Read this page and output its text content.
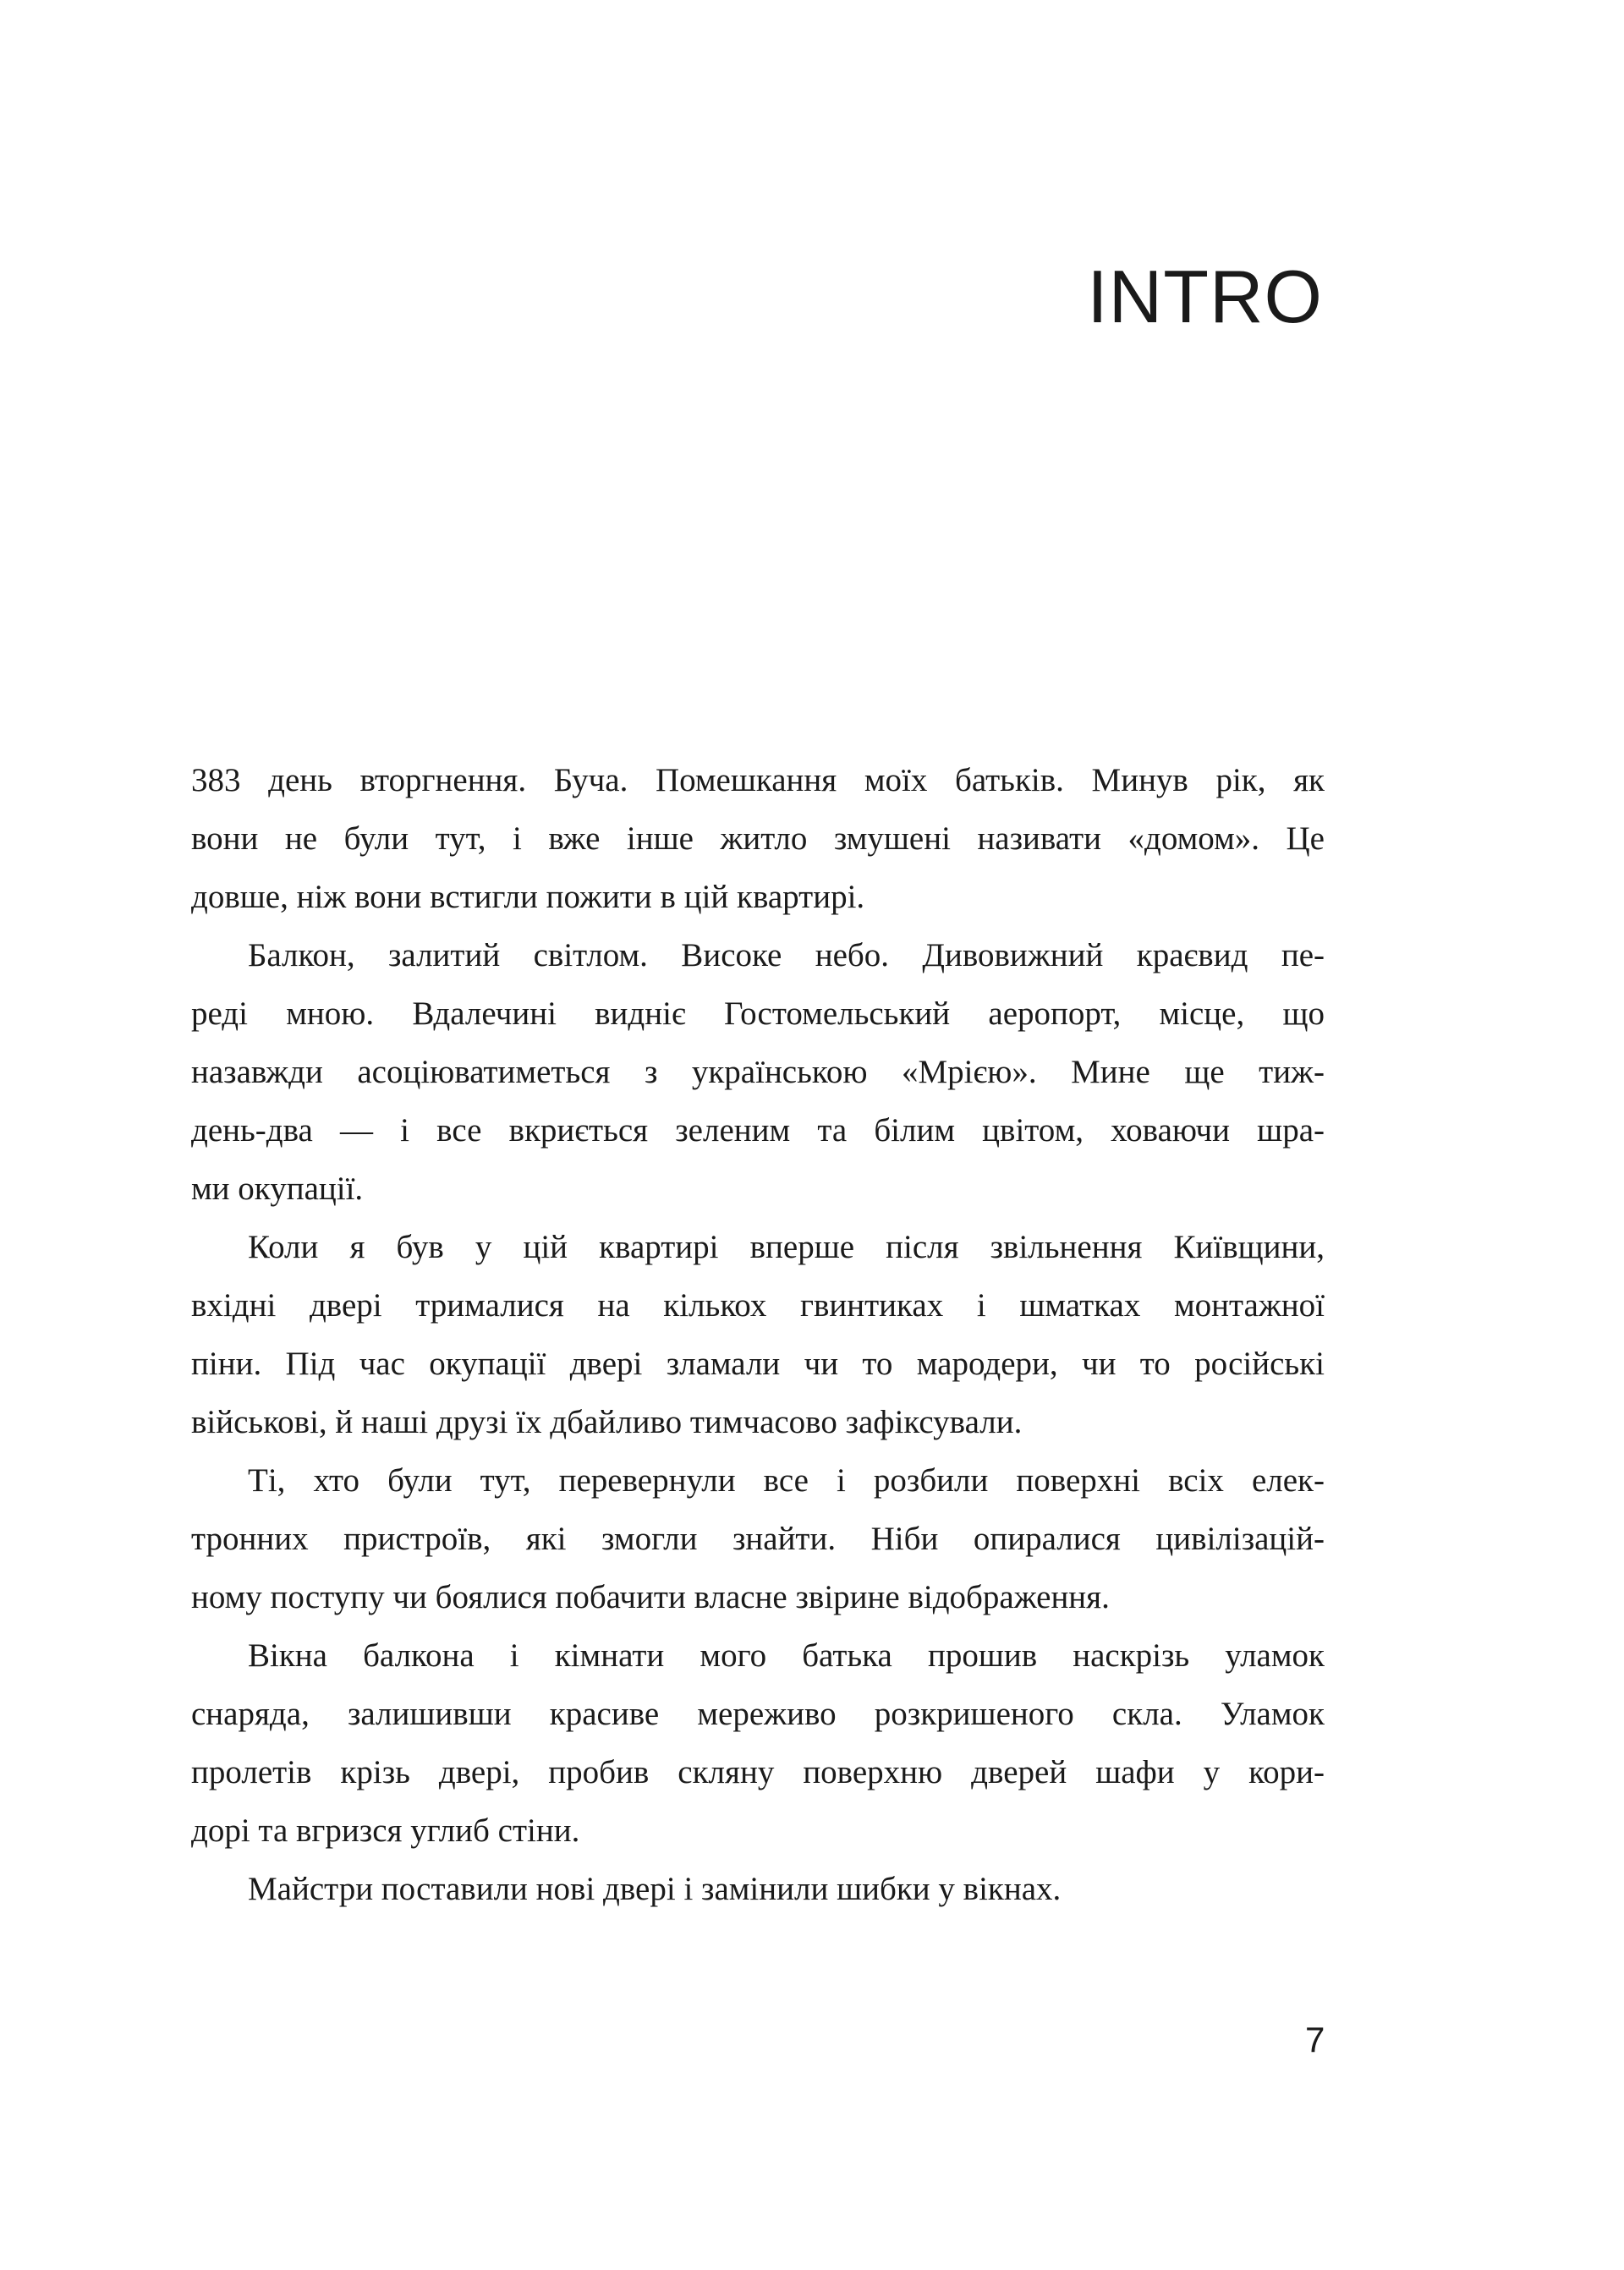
INTRO
383 день вторгнення. Буча. Помешкання моїх батьків. Минув рік, як
вони не були тут, і вже інше житло змушені називати «домом». Це
довше, ніж вони встигли пожити в цій квартирі.
Балкон, залитий світлом. Високе небо. Дивовижний краєвид пе-
реді мною. Вдалечині видніє Гостомельський аеропорт, місце, що
назавжди асоціюватиметься з українською «Мрією». Мине ще тиж-
день-два — і все вкриється зеленим та білим цвітом, ховаючи шра-
ми окупації.
Коли я був у цій квартирі вперше після звільнення Київщини,
вхідні двері трималися на кількох гвинтиках і шматках монтажної
піни. Під час окупації двері зламали чи то мародери, чи то російські
військові, й наші друзі їх дбайливо тимчасово зафіксували.
Ті, хто були тут, перевернули все і розбили поверхні всіх елек-
тронних пристроїв, які змогли знайти. Ніби опиралися цивілізацій-
ному поступу чи боялися побачити власне звірине відображення.
Вікна балкона і кімнати мого батька прошив наскрізь уламок
снаряда, залишивши красиве мереживо розкришеного скла. Уламок
пролетів крізь двері, пробив скляну поверхню дверей шафи у кори-
дорі та вгризся углиб стіни.
Майстри поставили нові двері і замінили шибки у вікнах.
7
